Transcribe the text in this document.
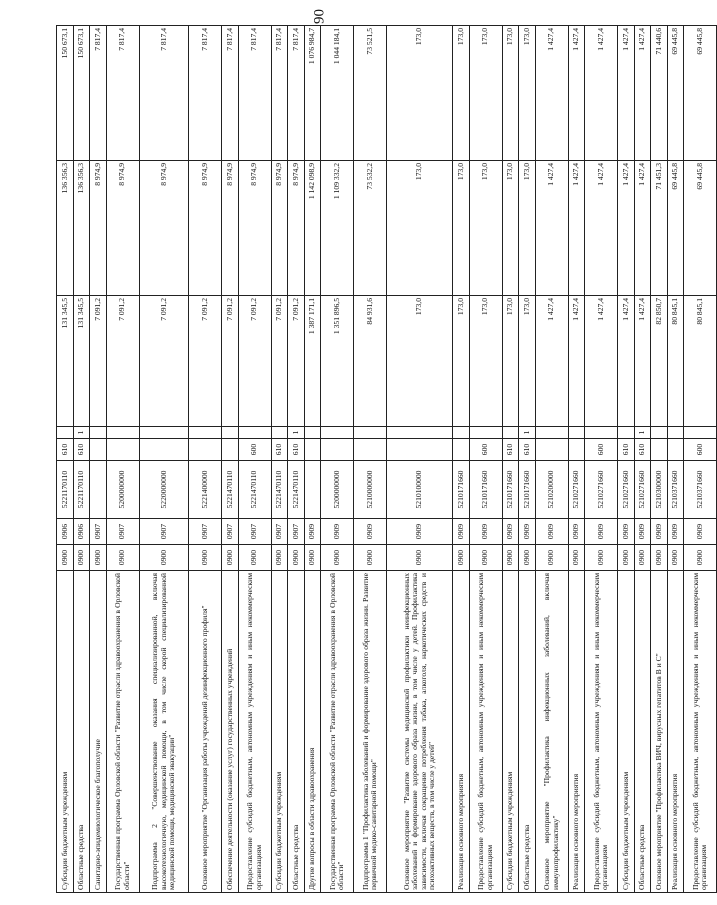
90
Субсидии бюджетным учреждениям	0900	0906	5221170110	610		131 345,5	136 356,3	150 673,1
Областные средства	0900	0906	5221170110	610	1	131 345,5	136 356,3	150 673,1
Санитарно-эпидемиологическое благополучие	0900	0907				7 091,2	8 974,9	7 817,4
Государственная программа Орловской области "Развитие отрасли здравоохранения в Орловской области"	0900	0907	5200000000			7 091,2	8 974,9	7 817,4
Подпрограмма 2 "Совершенствование оказания специализированной, включая высокотехнологичную, медицинской помощи, в том числе скорой специализированной медицинской помощи, медицинской эвакуации"	0900	0907	5220000000			7 091,2	8 974,9	7 817,4
Основное мероприятие "Организация работы учреждений дезинфекционного профиля"	0900	0907	5221400000			7 091,2	8 974,9	7 817,4
Обеспечение деятельности (оказание услуг) государственных учреждений	0900	0907	5221470110			7 091,2	8 974,9	7 817,4
Предоставление субсидий бюджетным, автономным учреждениям и иным некоммерческим организациям	0900	0907	5221470110	600		7 091,2	8 974,9	7 817,4
Субсидии бюджетным учреждениям	0900	0907	5221470110	610		7 091,2	8 974,9	7 817,4
Областные средства	0900	0907	5221470110	610	1	7 091,2	8 974,9	7 817,4
Другие вопросы в области здравоохранения	0900	0909				1 387 171,1	1 142 098,9	1 076 984,7
Государственная программа Орловской области "Развитие отрасли здравоохранения в Орловской области"	0900	0909	5200000000			1 351 896,5	1 109 332,2	1 044 184,1
Подпрограмма 1 "Профилактика заболеваний и формирование здорового образа жизни. Развитие первичной медико-санитарной помощи"	0900	0909	5210000000			84 931,6	73 532,2	73 521,5
Основное мероприятие "Развитие системы медицинской профилактики неинфекционных заболеваний и формирование здорового образа жизни, в том числе у детей. Профилактика зависимости, включая сокращение потребления табака, алкоголя, наркотических средств и психоактивных веществ, в том числе у детей"	0900	0909	5210100000			173,0	173,0	173,0
Реализация основного мероприятия	0900	0909	5210171660			173,0	173,0	173,0
Предоставление субсидий бюджетным, автономным учреждениям и иным некоммерческим организациям	0900	0909	5210171660	600		173,0	173,0	173,0
Субсидии бюджетным учреждениям	0900	0909	5210171660	610		173,0	173,0	173,0
Областные средства	0900	0909	5210171660	610	1	173,0	173,0	173,0
Основное мероприятие "Профилактика инфекционных заболеваний, включая иммунопрофилактику"	0900	0909	5210200000			1 427,4	1 427,4	1 427,4
Реализация основного мероприятия	0900	0909	5210271660			1 427,4	1 427,4	1 427,4
Предоставление субсидий бюджетным, автономным учреждениям и иным некоммерческим организациям	0900	0909	5210271660	600		1 427,4	1 427,4	1 427,4
Субсидии бюджетным учреждениям	0900	0909	5210271660	610		1 427,4	1 427,4	1 427,4
Областные средства	0900	0909	5210271660	610	1	1 427,4	1 427,4	1 427,4
Основное мероприятие "Профилактика ВИЧ, вирусных гепатитов В и С"	0900	0909	5210300000			82 850,7	71 451,3	71 440,6
Реализация основного мероприятия	0900	0909	5210371660			80 845,1	69 445,8	69 445,8
Предоставление субсидий бюджетным, автономным учреждениям и иным некоммерческим организациям	0900	0909	5210371660	600		80 845,1	69 445,8	69 445,8
